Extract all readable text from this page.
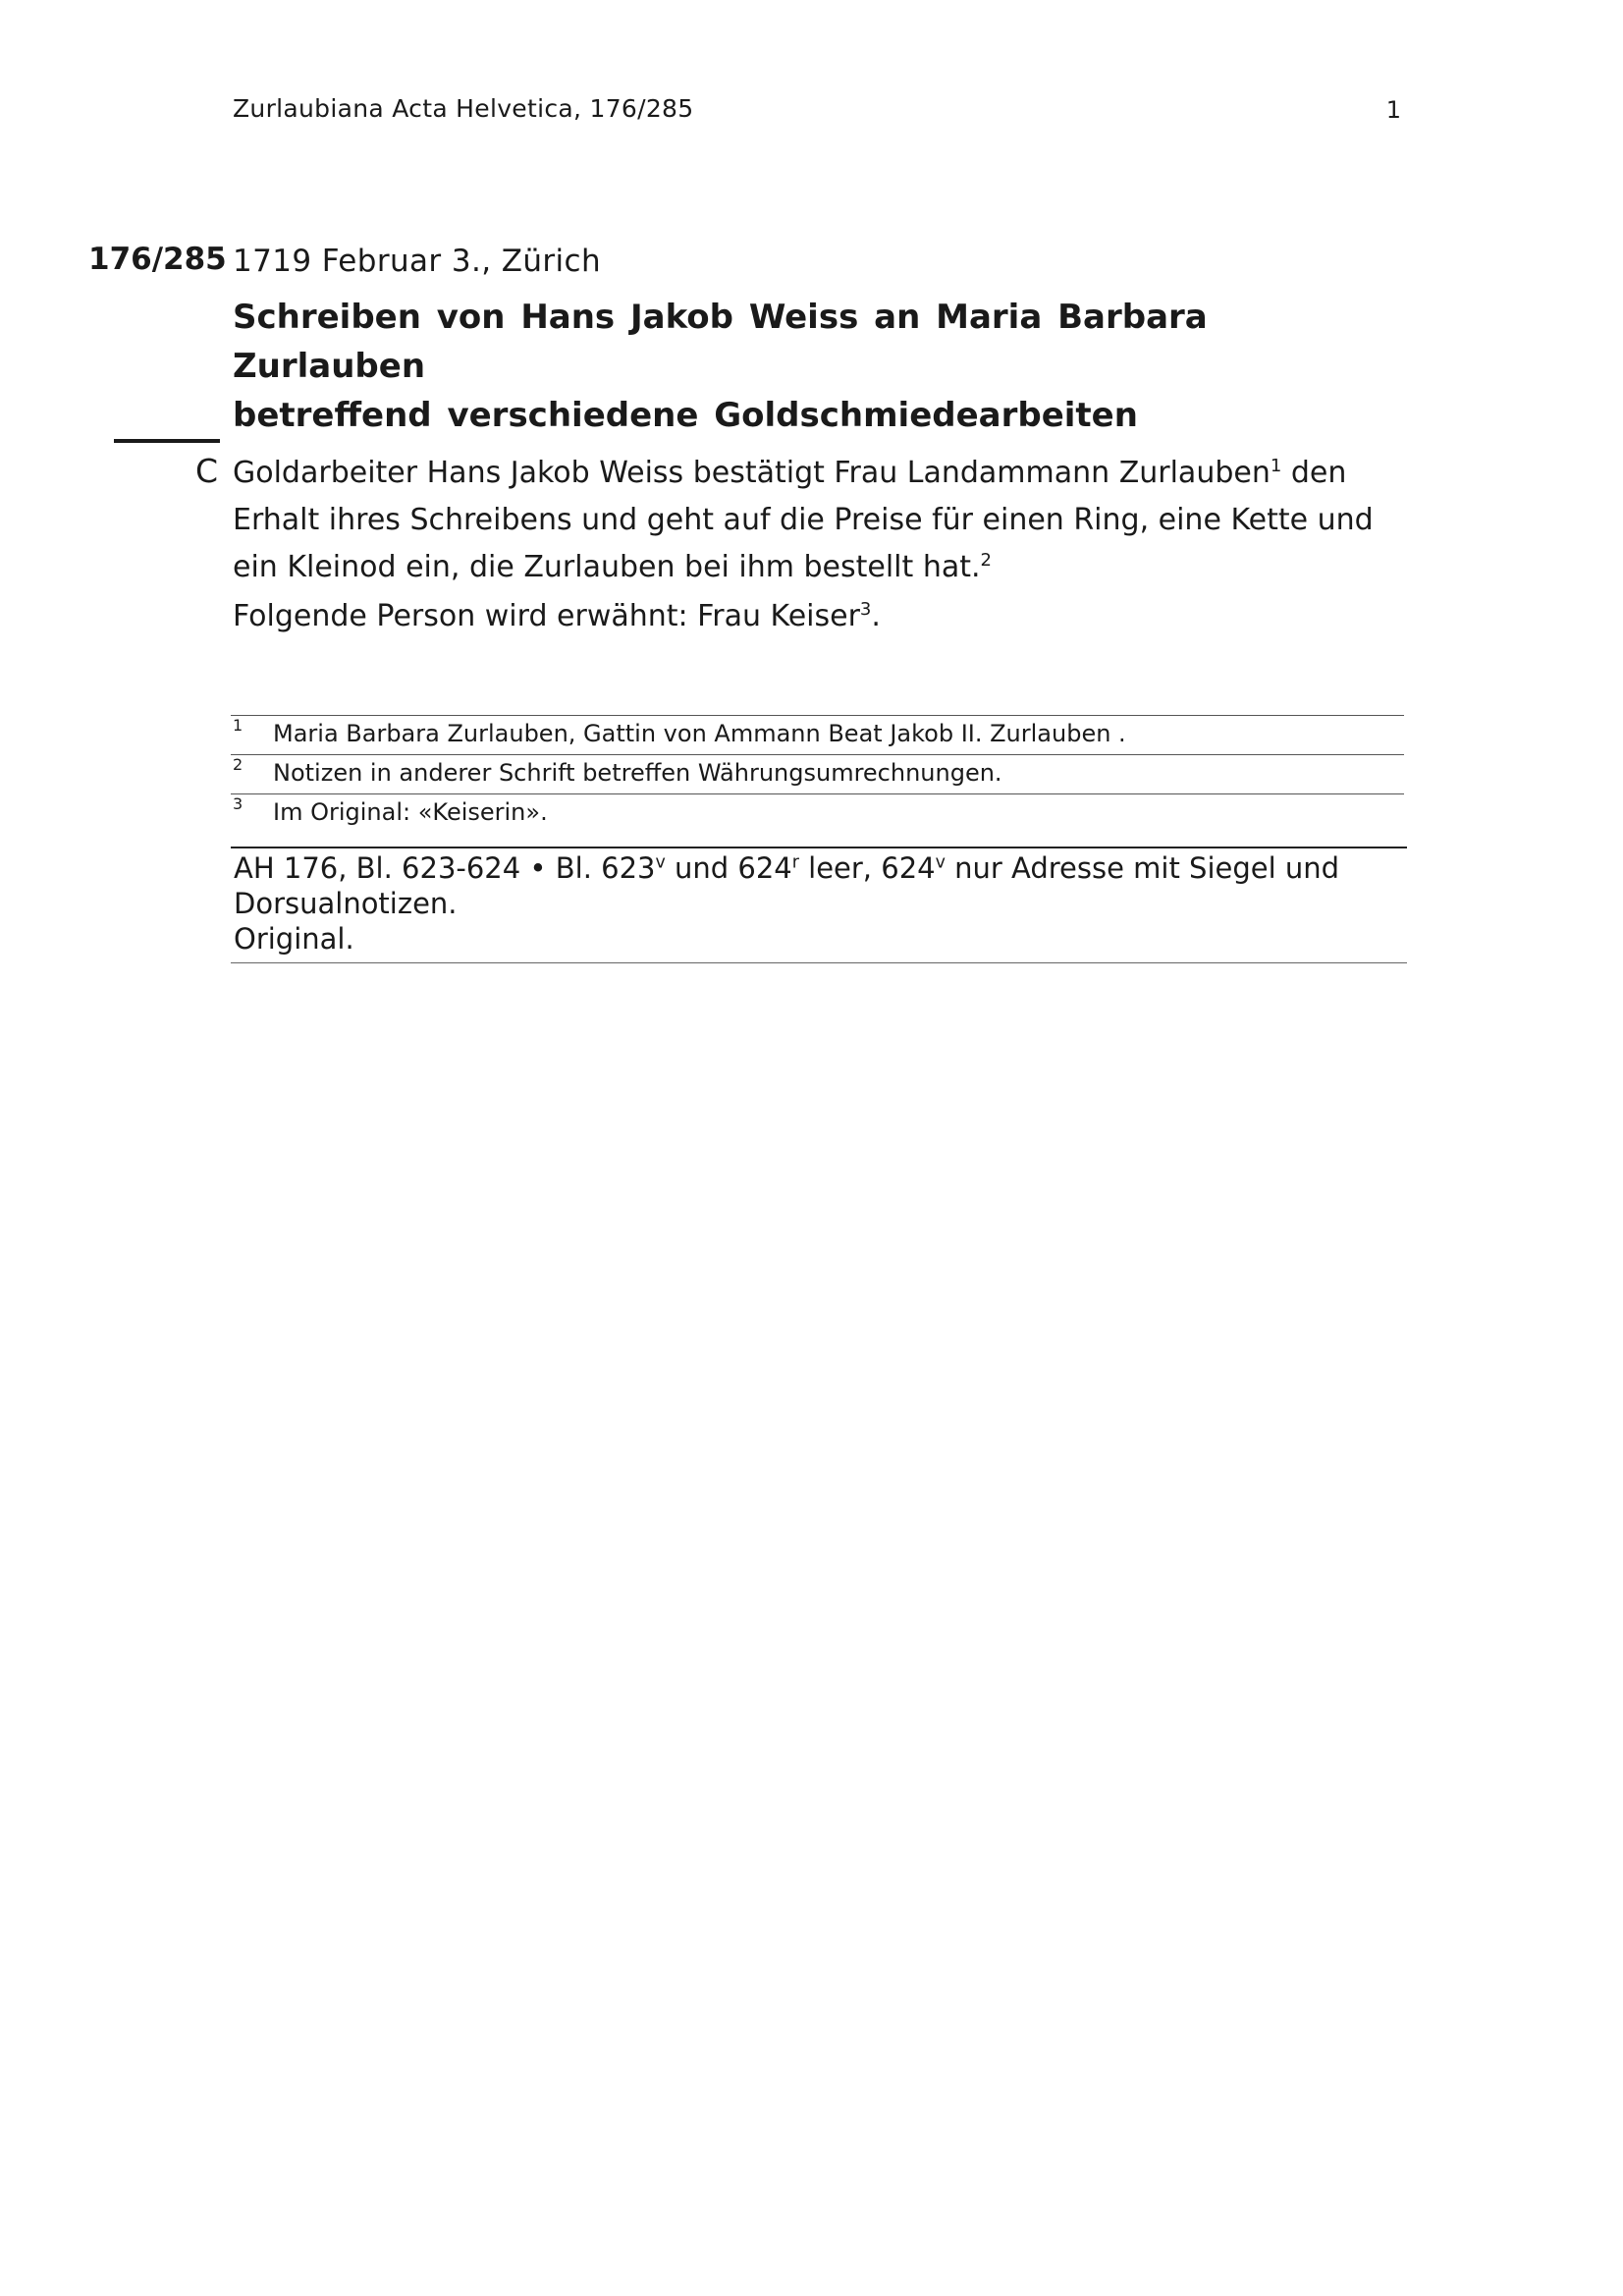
Zurlaubiana Acta Helvetica, 176/285	1
176/285 1719 Februar 3., Zürich
Schreiben von Hans Jakob Weiss an Maria Barbara Zurlauben
betreffend verschiedene Goldschmiedearbeiten
C Goldarbeiter Hans Jakob Weiss bestätigt Frau Landammann Zurlauben$^1$ den Erhalt ihres Schreibens und geht auf die Preise für einen Ring, eine Kette und ein Kleinod ein, die Zurlauben bei ihm bestellt hat.$^2$

Folgende Person wird erwähnt: Frau Keiser$^3$.

1 Maria Barbara Zurlauben, Gattin von Ammann Beat Jakob II. Zurlauben .
2 Notizen in anderer Schrift betreffen Währungsumrechnungen.
3 Im Original: «Keiserin».
AH 176, Bl. 623-624 • Bl. 623$^v$ und 624$^r$ leer, 624$^v$ nur Adresse mit Siegel und Dorsualnotizen.
Original.
